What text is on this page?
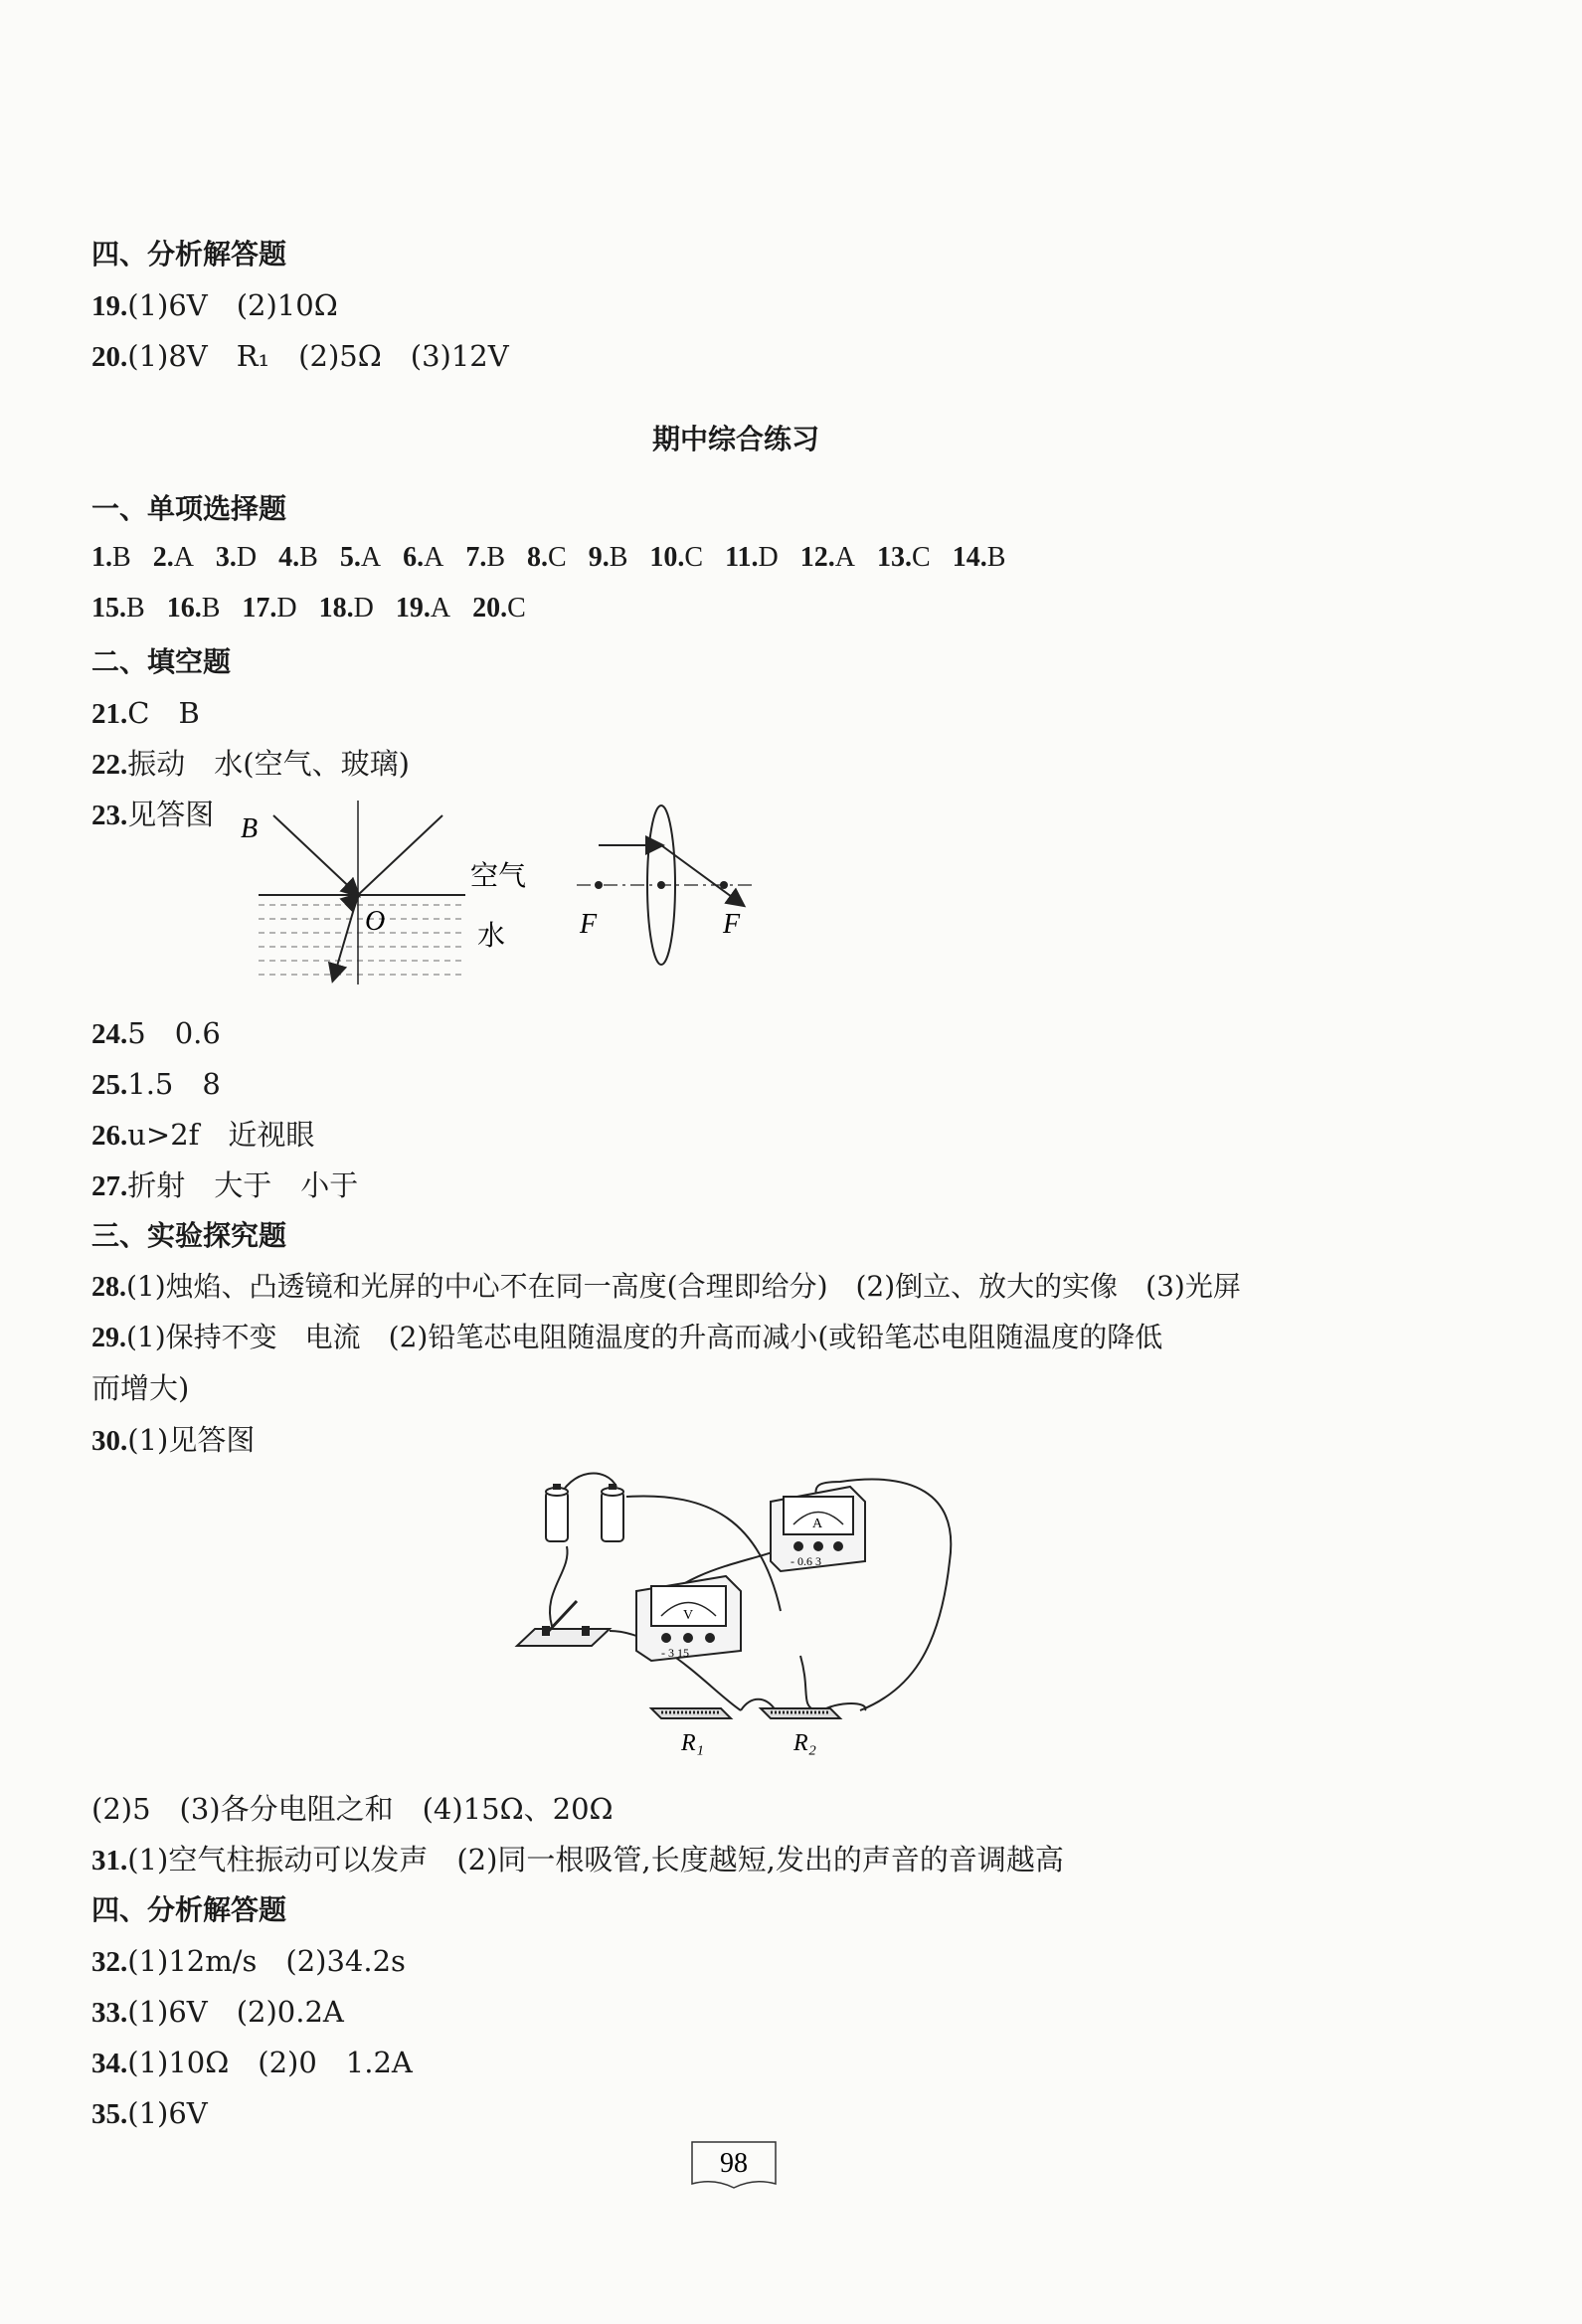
四、分析解答题
19.(1)6V　(2)10Ω
20.(1)8V　R₁　(2)5Ω　(3)12V
期中综合练习
一、单项选择题
1.B 2.A 3.D 4.B 5.A 6.A 7.B 8.C 9.B 10.C 11.D 12.A 13.C 14.B
15.B 16.B 17.D 18.D 19.A 20.C
二、填空题
21.C　B
22.振动　水(空气、玻璃)
23.见答图 B
O
空气
水	F	F
24.5　0.6
25.1.5　8
26.u>2f　近视眼
27.折射　大于　小于
三、实验探究题
28.(1)烛焰、凸透镜和光屏的中心不在同一高度(合理即给分)　(2)倒立、放大的实像　(3)光屏
29.(1)保持不变　电流　(2)铅笔芯电阻随温度的升高而减小(或铅笔芯电阻随温度的降低
而增大)
30.(1)见答图
V
- 3 15
A
- 0.6 3
R₁	R₂
(2)5　(3)各分电阻之和　(4)15Ω、20Ω
31.(1)空气柱振动可以发声　(2)同一根吸管,长度越短,发出的声音的音调越高
四、分析解答题
32.(1)12m/s　(2)34.2s
33.(1)6V　(2)0.2A
34.(1)10Ω　(2)0　1.2A
35.(1)6V
98
